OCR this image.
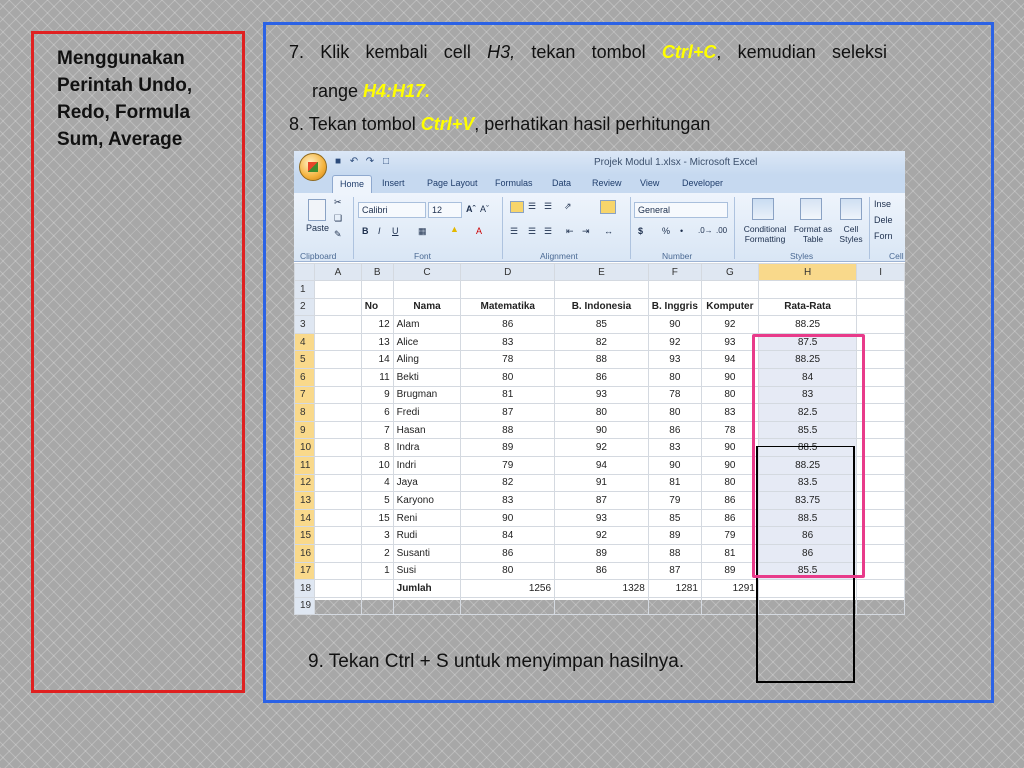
Menggunakan Perintah Undo, Redo, Formula Sum, Average
7. Klik kembali cell H3, tekan tombol Ctrl+C, kemudian seleksi
range H4:H17.
8. Tekan tombol Ctrl+V, perhatikan hasil perhitungan
9. Tekan Ctrl + S untuk menyimpan hasilnya.
■ ↶ ↷ □	Projek Modul 1.xlsx - Microsoft Excel
Home	Insert Page Layout Formulas Data Review View	Developer
Paste
✂
❏
✎
Clipboard
Calibri	12	Aˆ Aˇ
B I U ▦	▲ A
Font
☰ ☰ ⇗
☰ ☰ ☰ ⇤ ⇥ ↔
Alignment
General
$ % • .0→ .00
Number
Conditional Formatting
Format as Table
Cell Styles
Styles
Inse
Dele
Forn
Cell
	A	B	C	D	E	F	G	H	I
1									
2		No	Nama	Matematika	B. Indonesia	B. Inggris	Komputer	Rata-Rata	
3		12	Alam	86	85	90	92	88.25	
4		13	Alice	83	82	92	93	87.5	
5		14	Aling	78	88	93	94	88.25	
6		11	Bekti	80	86	80	90	84	
7		9	Brugman	81	93	78	80	83	
8		6	Fredi	87	80	80	83	82.5	
9		7	Hasan	88	90	86	78	85.5	
10		8	Indra	89	92	83	90	88.5	
11		10	Indri	79	94	90	90	88.25	
12		4	Jaya	82	91	81	80	83.5	
13		5	Karyono	83	87	79	86	83.75	
14		15	Reni	90	93	85	86	88.5	
15		3	Rudi	84	92	89	79	86	
16		2	Susanti	86	89	88	81	86	
17		1	Susi	80	86	87	89	85.5	
18			Jumlah	1256	1328	1281	1291		
19									
